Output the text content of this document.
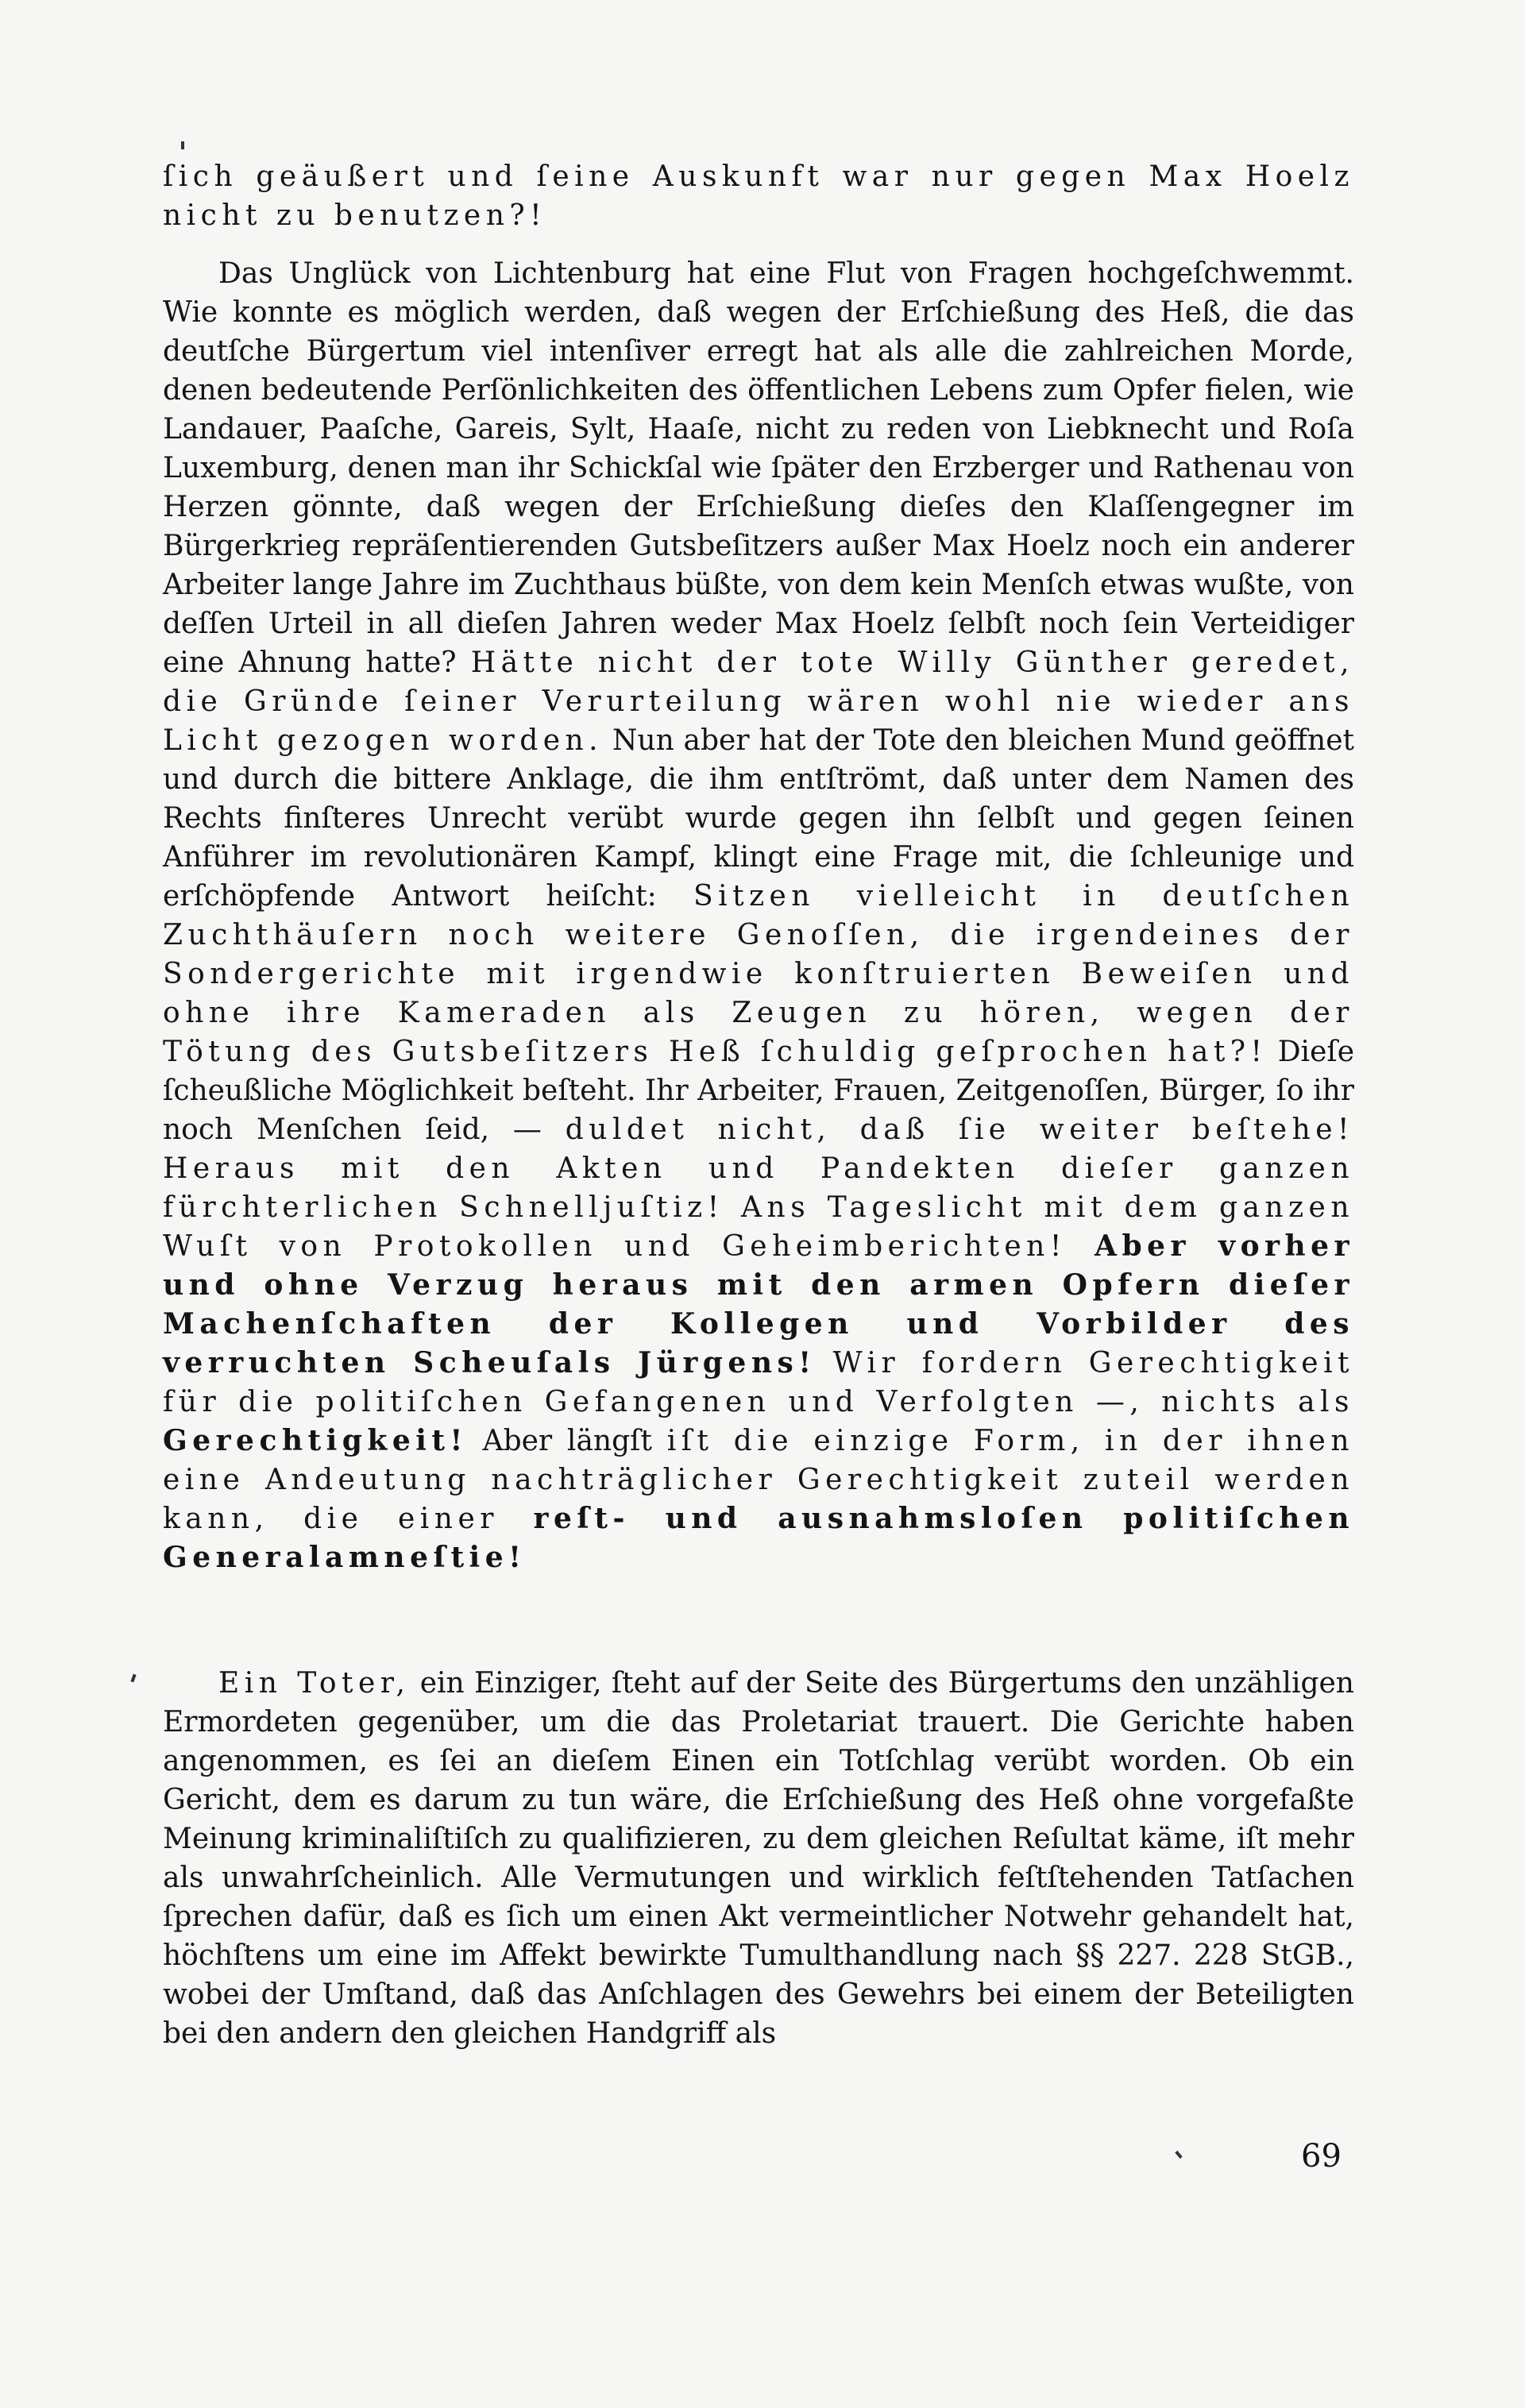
ſich geäußert und ſeine Auskunft war nur gegen Max Hoelz nicht zu benutzen?!

Das Unglück von Lichtenburg hat eine Flut von Fragen hochgeſchwemmt. Wie konnte es möglich werden, daß wegen der Erſchießung des Heß, die das deutſche Bürgertum viel intenſiver erregt hat als alle die zahlreichen Morde, denen bedeutende Perſönlichkeiten des öffentlichen Lebens zum Opfer fielen, wie Landauer, Paaſche, Gareis, Sylt, Haaſe, nicht zu reden von Liebknecht und Roſa Luxemburg, denen man ihr Schickſal wie ſpäter den Erzberger und Rathenau von Herzen gönnte, daß wegen der Erſchießung dieſes den Klaſſengegner im Bürgerkrieg repräſentierenden Gutsbeſitzers außer Max Hoelz noch ein anderer Arbeiter lange Jahre im Zuchthaus büßte, von dem kein Menſch etwas wußte, von deſſen Urteil in all dieſen Jahren weder Max Hoelz ſelbſt noch ſein Verteidiger eine Ahnung hatte? Hätte nicht der tote Willy Günther geredet, die Gründe ſeiner Verurteilung wären wohl nie wieder ans Licht gezogen worden. Nun aber hat der Tote den bleichen Mund geöffnet und durch die bittere Anklage, die ihm entſtrömt, daß unter dem Namen des Rechts finſteres Unrecht verübt wurde gegen ihn ſelbſt und gegen ſeinen Anführer im revolutionären Kampf, klingt eine Frage mit, die ſchleunige und erſchöpfende Antwort heiſcht: Sitzen vielleicht in deutſchen Zuchthäuſern noch weitere Genoſſen, die irgendeines der Sondergerichte mit irgendwie konſtruierten Beweiſen und ohne ihre Kameraden als Zeugen zu hören, wegen der Tötung des Gutsbeſitzers Heß ſchuldig geſprochen hat?! Dieſe ſcheußliche Möglichkeit beſteht. Ihr Arbeiter, Frauen, Zeitgenoſſen, Bürger, ſo ihr noch Menſchen ſeid, — duldet nicht, daß ſie weiter beſtehe! Heraus mit den Akten und Pandekten dieſer ganzen fürchterlichen Schnelljuſtiz! Ans Tageslicht mit dem ganzen Wuſt von Protokollen und Geheimberichten! Aber vorher und ohne Verzug heraus mit den armen Opfern dieſer Machenſchaften der Kollegen und Vorbilder des verruchten Scheuſals Jürgens! Wir fordern Gerechtigkeit für die politiſchen Gefangenen und Verfolgten —, nichts als Gerechtigkeit! Aber längſt iſt die einzige Form, in der ihnen eine Andeutung nachträglicher Gerechtigkeit zuteil werden kann, die einer reſt- und ausnahmsloſen politiſchen Generalamneſtie!

Ein Toter, ein Einziger, ſteht auf der Seite des Bürgertums den unzähligen Ermordeten gegenüber, um die das Proletariat trauert. Die Gerichte haben angenommen, es ſei an dieſem Einen ein Totſchlag verübt worden. Ob ein Gericht, dem es darum zu tun wäre, die Erſchießung des Heß ohne vorgefaßte Meinung kriminaliſtiſch zu qualifizieren, zu dem gleichen Reſultat käme, iſt mehr als unwahrſcheinlich. Alle Vermutungen und wirklich feſtſtehenden Tatſachen ſprechen dafür, daß es ſich um einen Akt vermeintlicher Notwehr gehandelt hat, höchſtens um eine im Affekt bewirkte Tumulthandlung nach §§ 227. 228 StGB., wobei der Umſtand, daß das Anſchlagen des Gewehrs bei einem der Beteiligten bei den andern den gleichen Handgriff als

69
